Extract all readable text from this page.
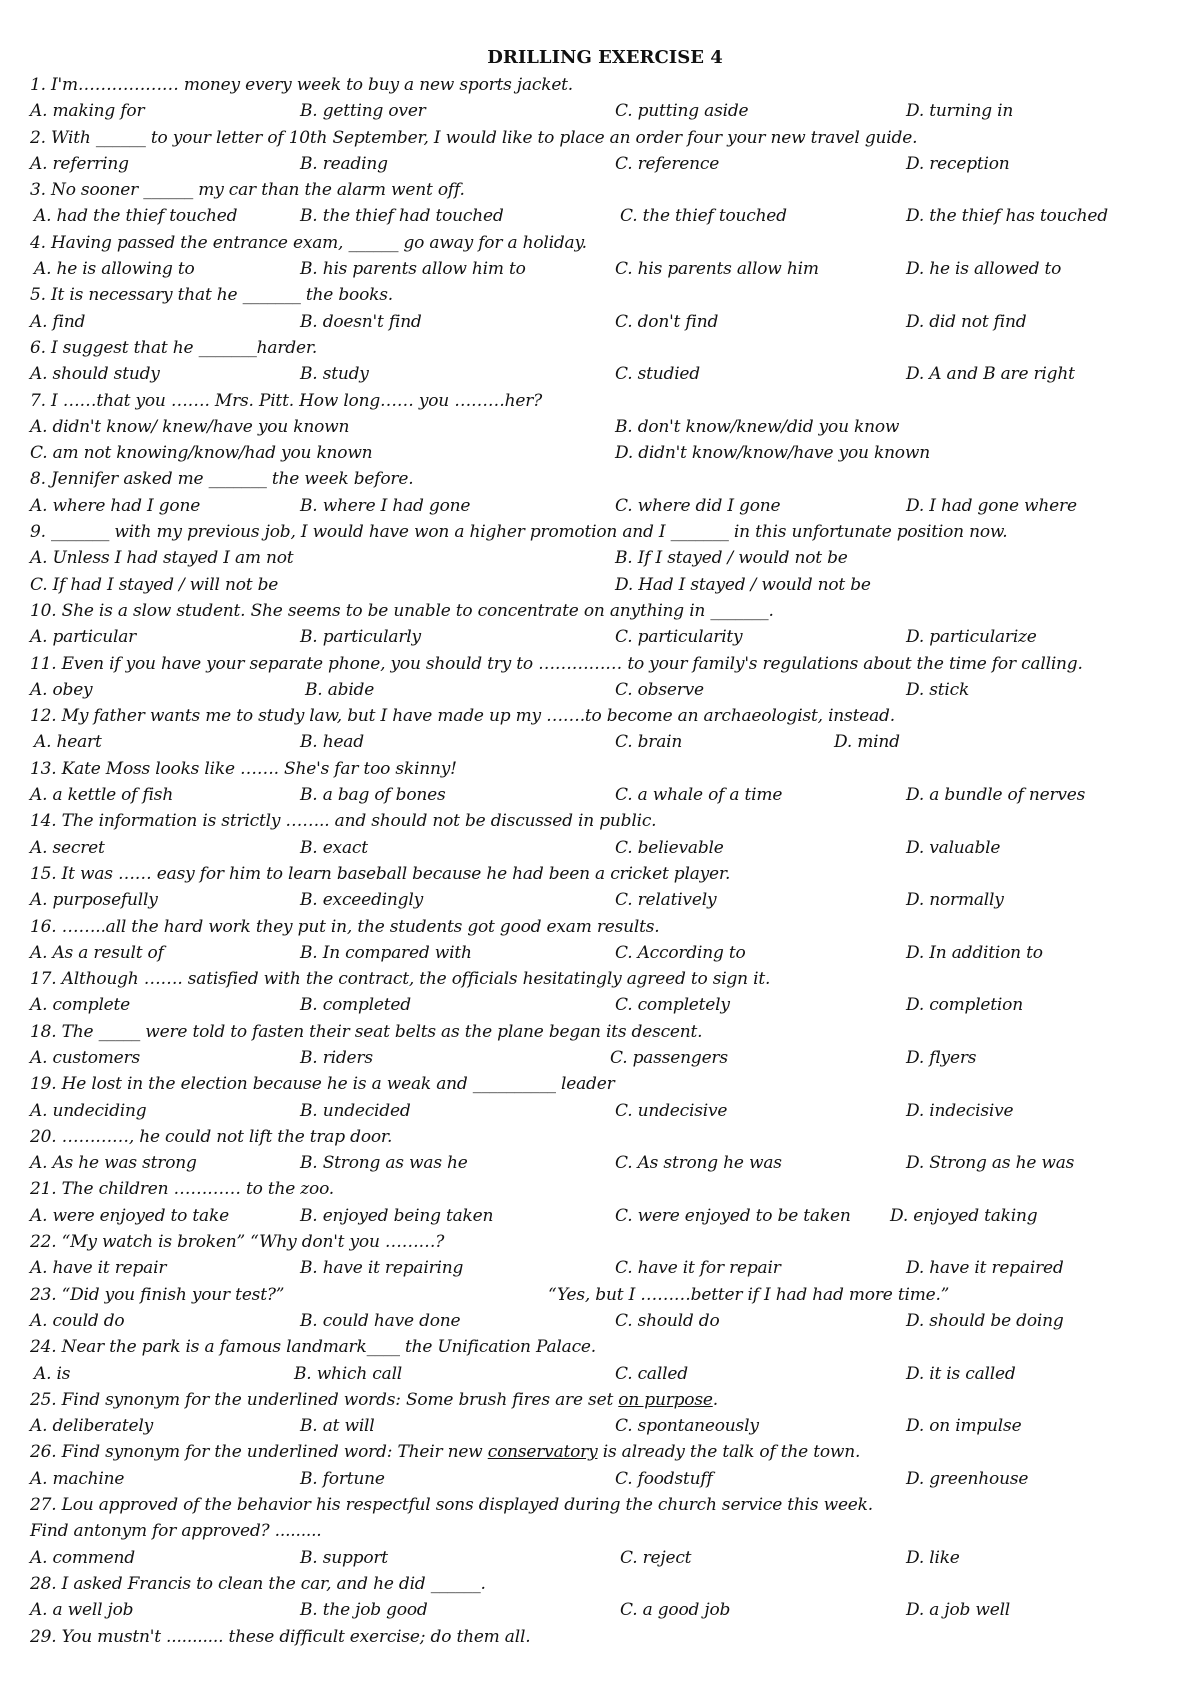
DRILLING EXERCISE 4
1. I'm……………… money every week to buy a new sports jacket.
A. making for	B. getting over	C. putting aside	D. turning in
2. With ______ to your letter of 10th September, I would like to place an order four your new travel guide.
A. referring	B. reading	C. reference	D. reception
3. No sooner ______ my car than the alarm went off.
A. had the thief touched	B. the thief had touched	C. the thief touched	D. the thief has touched
4. Having passed the entrance exam, ______ go away for a holiday.
A. he is allowing to	B. his parents allow him to	C. his parents allow him	D. he is allowed to
5. It is necessary that he _______ the books.
A. find	B. doesn't find	C. don't find	D. did not find
6. I suggest that he _______harder.
A. should study	B. study	C. studied	D. A and B are right
7. I ……that you ……. Mrs. Pitt. How long…… you ………her?
A. didn't know/ knew/have you known	B. don't know/knew/did you know
C. am not knowing/know/had you known	D. didn't know/know/have you known
8. Jennifer asked me _______ the week before.
A. where had I gone	B. where I had gone	C. where did I gone	D. I had gone where
9. _______ with my previous job, I would have won a higher promotion and I _______ in this unfortunate position now.
A. Unless I had stayed I am not	B. If I stayed / would not be
C. If had I stayed / will not be	D. Had I stayed / would not be
10. She is a slow student. She seems to be unable to concentrate on anything in _______.
A. particular	B. particularly	C. particularity	D. particularize
11. Even if you have your separate phone, you should try to …………… to your family's regulations about the time for calling.
A. obey	B. abide	C. observe	D. stick
12. My father wants me to study law, but I have made up my …….to become an archaeologist, instead.
A. heart	B. head	C. brain	D. mind
13. Kate Moss looks like ……. She's far too skinny!
A. a kettle of fish	B. a bag of bones	C. a whale of a time	D. a bundle of nerves
14. The information is strictly …….. and should not be discussed in public.
A. secret	B. exact	C. believable	D. valuable
15. It was …… easy for him to learn baseball because he had been a cricket player.
A. purposefully	B. exceedingly	C. relatively	D. normally
16. ……..all the hard work they put in, the students got good exam results.
A. As a result of	B. In compared with	C. According to	D. In addition to
17. Although ……. satisfied with the contract, the officials hesitatingly agreed to sign it.
A. complete	B. completed	C. completely	D. completion
18. The _____ were told to fasten their seat belts as the plane began its descent.
A. customers	B. riders	C. passengers	D. flyers
19. He lost in the election because he is a weak and __________ leader
A. undeciding	B. undecided	C. undecisive	D. indecisive
20. …………, he could not lift the trap door.
A. As he was strong	B. Strong as was he	C. As strong he was	D. Strong as he was
21. The children ………… to the zoo.
A. were enjoyed to take	B. enjoyed being taken	C. were enjoyed to be taken D. enjoyed taking
22. “My watch is broken” “Why don't you ………?
A. have it repair	B. have it repairing	C. have it for repair	D. have it repaired
23. “Did you finish your test?”	“Yes, but I ………better if I had had more time.”
A. could do	B. could have done	C. should do	D. should be doing
24. Near the park is a famous landmark____ the Unification Palace.
A. is	B. which call	C. called	D. it is called
25. Find synonym for the underlined words: Some brush fires are set on purpose.
A. deliberately	B. at will	C. spontaneously	D. on impulse
26. Find synonym for the underlined word: Their new conservatory is already the talk of the town.
A. machine	B. fortune	C. foodstuff	D. greenhouse
27. Lou approved of the behavior his respectful sons displayed during the church service this week.
Find antonym for approved? .........
A. commend	B. support	C. reject	D. like
28. I asked Francis to clean the car, and he did ______.
A. a well job	B. the job good	C. a good job	D. a job well
29. You mustn't ........... these difficult exercise; do them all.
